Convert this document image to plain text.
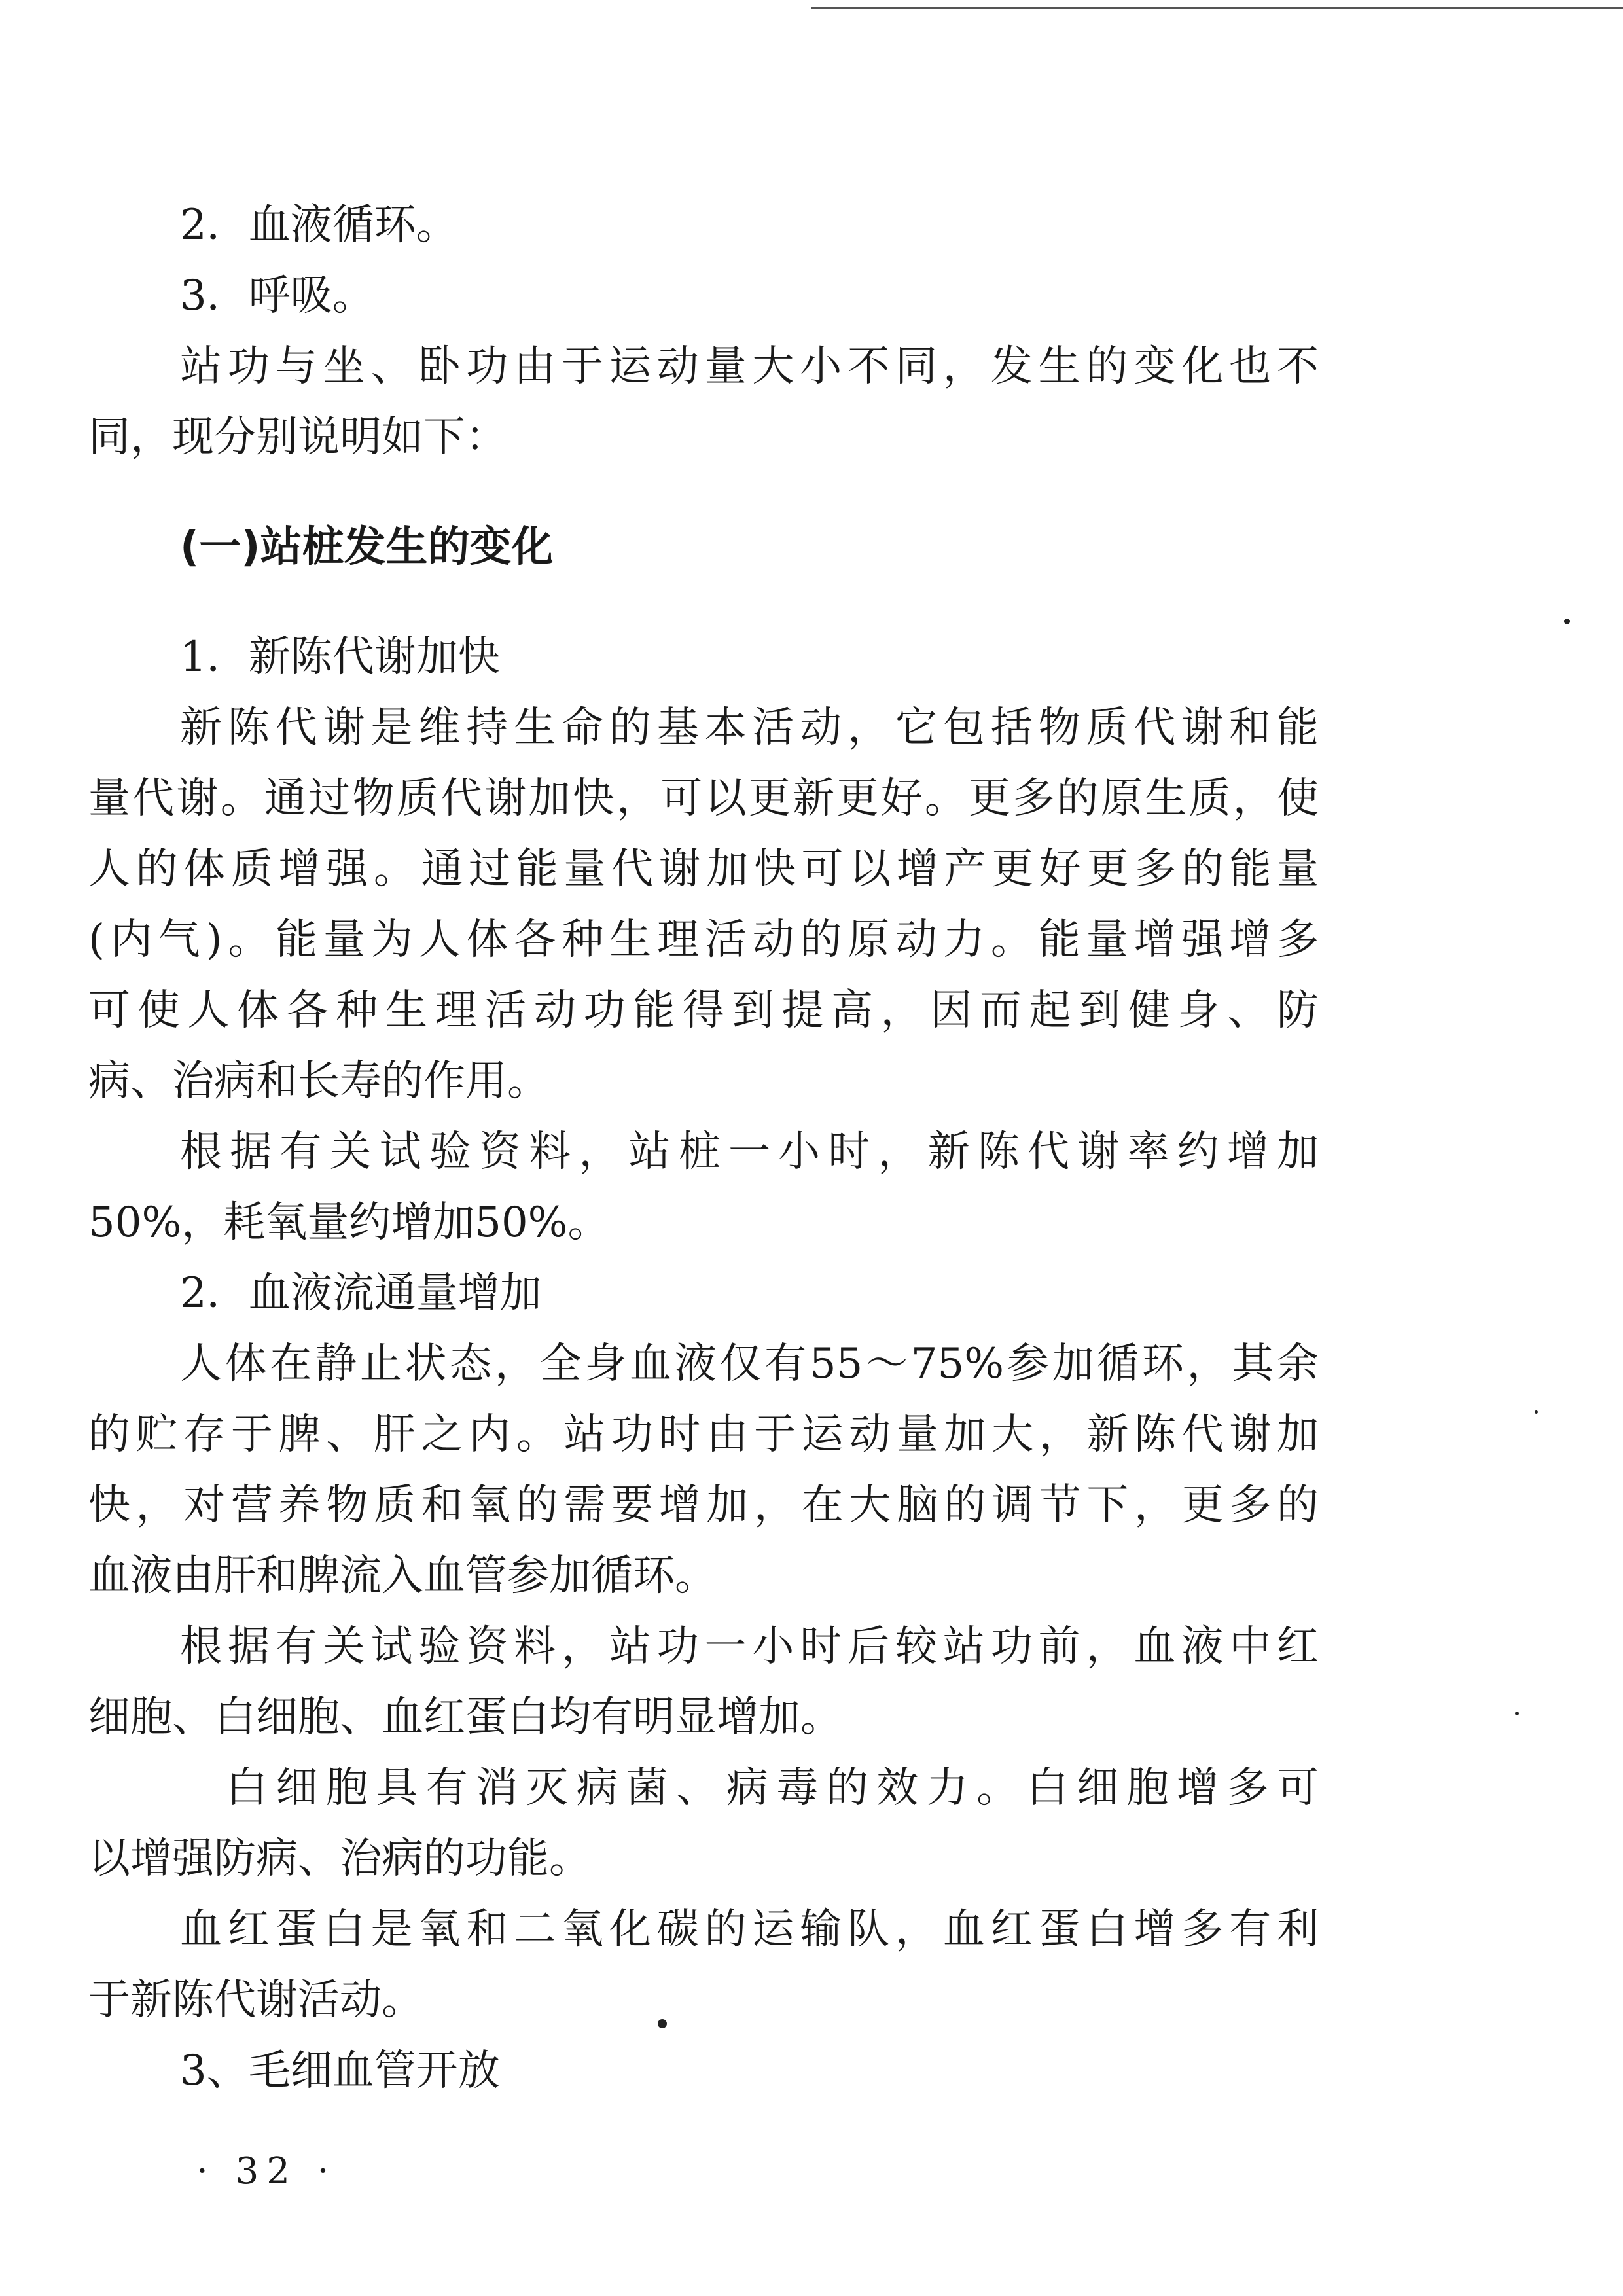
2．血液循环。
3．呼吸。
站功与坐、卧功由于运动量大小不同，发生的变化也不
同，现分别说明如下：
(一)站桩发生的变化
1．新陈代谢加快
新陈代谢是维持生命的基本活动，它包括物质代谢和能
量代谢。通过物质代谢加快，可以更新更好。更多的原生质，使
人的体质增强。通过能量代谢加快可以增产更好更多的能量
(内气)。能量为人体各种生理活动的原动力。能量增强增多
可使人体各种生理活动功能得到提高，因而起到健身、防
病、治病和长寿的作用。
根据有关试验资料，站桩一小时，新陈代谢率约增加
50%，耗氧量约增加50%。
2．血液流通量增加
人体在静止状态，全身血液仅有55～75%参加循环，其余
的贮存于脾、肝之内。站功时由于运动量加大，新陈代谢加
快，对营养物质和氧的需要增加，在大脑的调节下，更多的
血液由肝和脾流入血管参加循环。
根据有关试验资料，站功一小时后较站功前，血液中红
细胞、白细胞、血红蛋白均有明显增加。
白细胞具有消灭病菌、病毒的效力。白细胞增多可
以增强防病、治病的功能。
血红蛋白是氧和二氧化碳的运输队，血红蛋白增多有利
于新陈代谢活动。
3、毛细血管开放
· 32 ·
